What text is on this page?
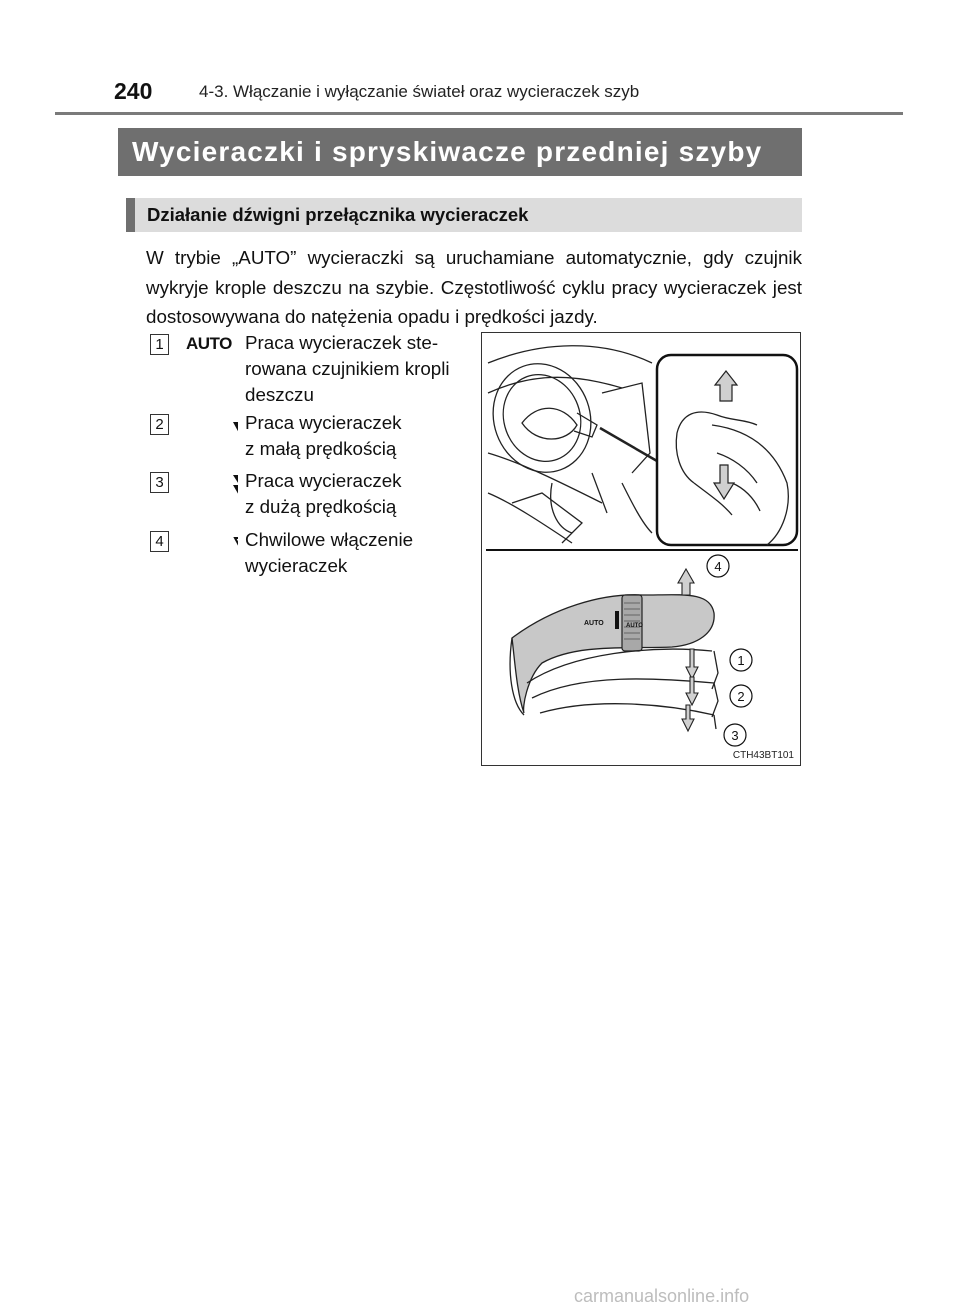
240	4-3. Włączanie i wyłączanie świateł oraz wycieraczek szyb
Wycieraczki i spryskiwacze przedniej szyby
Działanie dźwigni przełącznika wycieraczek
W trybie „AUTO” wycieraczki są uruchamiane automatycznie, gdy czujnik wykryje krople deszczu na szybie. Częstotliwość cyklu pracy wycieraczek jest dostosowywana do natężenia opadu i prędkości jazdy.
1	AUTO Praca wycieraczek ste-
rowana czujnikiem kropli
deszczu
2	Praca wycieraczek
z małą prędkością
3	Praca wycieraczek
z dużą prędkością
4	Chwilowe włączenie
wycieraczek
AUTO	AUTO
4
1
2
3
CTH43BT101
carmanualsonline.info
